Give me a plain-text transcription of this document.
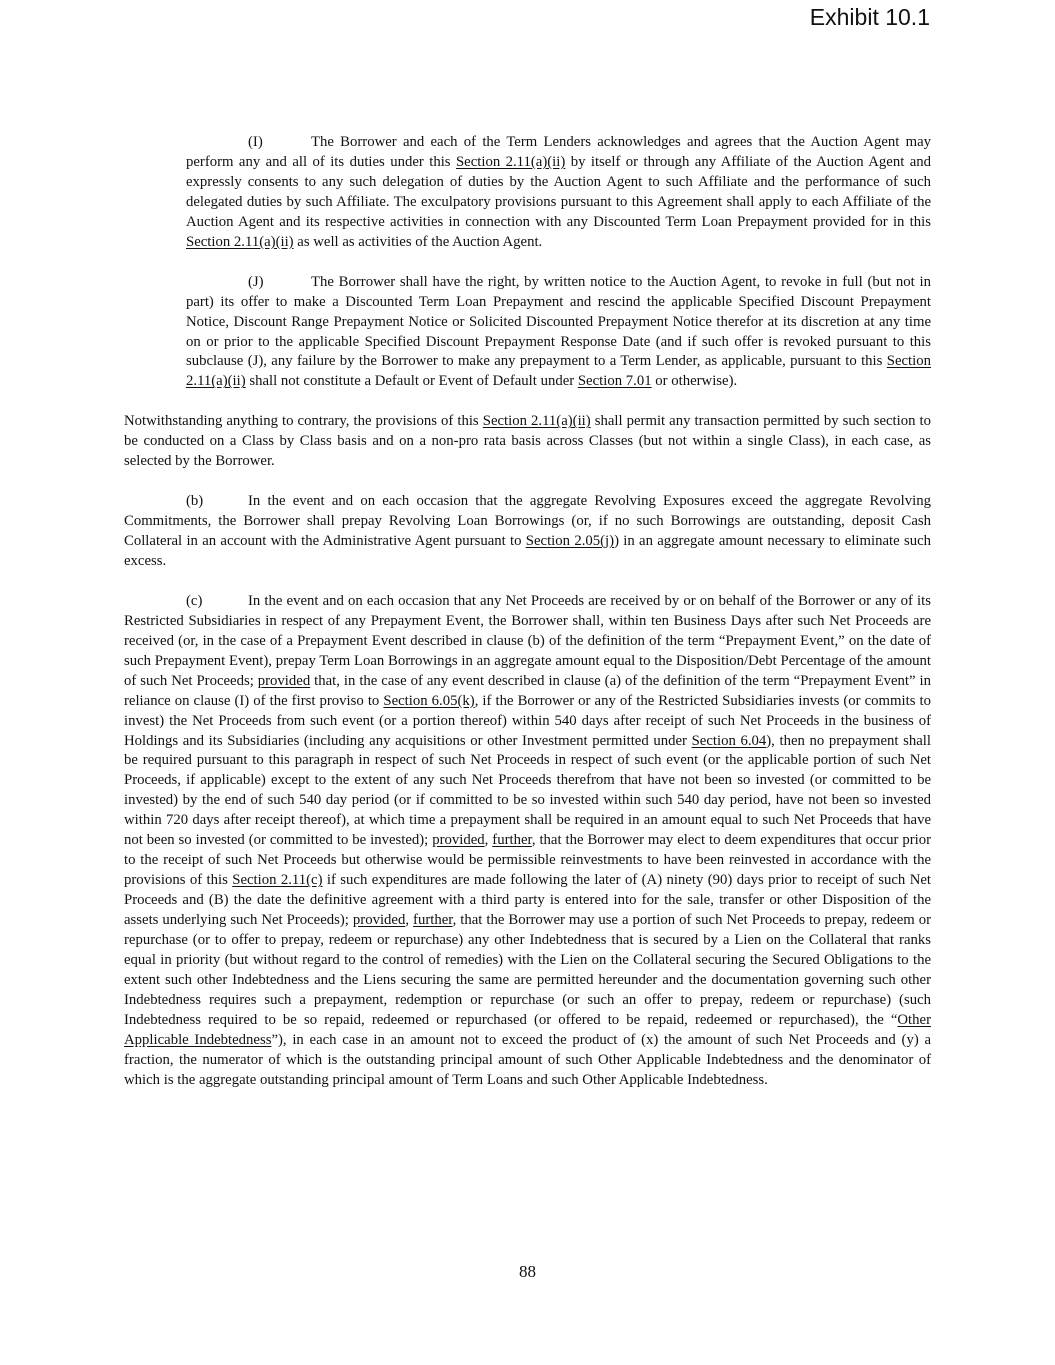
Exhibit 10.1

(I)	The Borrower and each of the Term Lenders acknowledges and agrees that the Auction Agent may perform any and all of its duties under this Section 2.11(a)(ii) by itself or through any Affiliate of the Auction Agent and expressly consents to any such delegation of duties by the Auction Agent to such Affiliate and the performance of such delegated duties by such Affiliate. The exculpatory provisions pursuant to this Agreement shall apply to each Affiliate of the Auction Agent and its respective activities in connection with any Discounted Term Loan Prepayment provided for in this Section 2.11(a)(ii) as well as activities of the Auction Agent.

(J)	The Borrower shall have the right, by written notice to the Auction Agent, to revoke in full (but not in part) its offer to make a Discounted Term Loan Prepayment and rescind the applicable Specified Discount Prepayment Notice, Discount Range Prepayment Notice or Solicited Discounted Prepayment Notice therefor at its discretion at any time on or prior to the applicable Specified Discount Prepayment Response Date (and if such offer is revoked pursuant to this subclause (J), any failure by the Borrower to make any prepayment to a Term Lender, as applicable, pursuant to this Section 2.11(a)(ii) shall not constitute a Default or Event of Default under Section 7.01 or otherwise).

Notwithstanding anything to contrary, the provisions of this Section 2.11(a)(ii) shall permit any transaction permitted by such section to be conducted on a Class by Class basis and on a non-pro rata basis across Classes (but not within a single Class), in each case, as selected by the Borrower.

(b)	In the event and on each occasion that the aggregate Revolving Exposures exceed the aggregate Revolving Commitments, the Borrower shall prepay Revolving Loan Borrowings (or, if no such Borrowings are outstanding, deposit Cash Collateral in an account with the Administrative Agent pursuant to Section 2.05(j)) in an aggregate amount necessary to eliminate such excess.

(c)	In the event and on each occasion that any Net Proceeds are received by or on behalf of the Borrower or any of its Restricted Subsidiaries in respect of any Prepayment Event, the Borrower shall, within ten Business Days after such Net Proceeds are received (or, in the case of a Prepayment Event described in clause (b) of the definition of the term “Prepayment Event,” on the date of such Prepayment Event), prepay Term Loan Borrowings in an aggregate amount equal to the Disposition/Debt Percentage of the amount of such Net Proceeds; provided that, in the case of any event described in clause (a) of the definition of the term “Prepayment Event” in reliance on clause (I) of the first proviso to Section 6.05(k), if the Borrower or any of the Restricted Subsidiaries invests (or commits to invest) the Net Proceeds from such event (or a portion thereof) within 540 days after receipt of such Net Proceeds in the business of Holdings and its Subsidiaries (including any acquisitions or other Investment permitted under Section 6.04), then no prepayment shall be required pursuant to this paragraph in respect of such Net Proceeds in respect of such event (or the applicable portion of such Net Proceeds, if applicable) except to the extent of any such Net Proceeds therefrom that have not been so invested (or committed to be invested) by the end of such 540 day period (or if committed to be so invested within such 540 day period, have not been so invested within 720 days after receipt thereof), at which time a prepayment shall be required in an amount equal to such Net Proceeds that have not been so invested (or committed to be invested); provided, further, that the Borrower may elect to deem expenditures that occur prior to the receipt of such Net Proceeds but otherwise would be permissible reinvestments to have been reinvested in accordance with the provisions of this Section 2.11(c) if such expenditures are made following the later of (A) ninety (90) days prior to receipt of such Net Proceeds and (B) the date the definitive agreement with a third party is entered into for the sale, transfer or other Disposition of the assets underlying such Net Proceeds); provided, further, that the Borrower may use a portion of such Net Proceeds to prepay, redeem or repurchase (or to offer to prepay, redeem or repurchase) any other Indebtedness that is secured by a Lien on the Collateral that ranks equal in priority (but without regard to the control of remedies) with the Lien on the Collateral securing the Secured Obligations to the extent such other Indebtedness and the Liens securing the same are permitted hereunder and the documentation governing such other Indebtedness requires such a prepayment, redemption or repurchase (or such an offer to prepay, redeem or repurchase) (such Indebtedness required to be so repaid, redeemed or repurchased (or offered to be repaid, redeemed or repurchased), the “Other Applicable Indebtedness”), in each case in an amount not to exceed the product of (x) the amount of such Net Proceeds and (y) a fraction, the numerator of which is the outstanding principal amount of such Other Applicable Indebtedness and the denominator of which is the aggregate outstanding principal amount of Term Loans and such Other Applicable Indebtedness.

88
